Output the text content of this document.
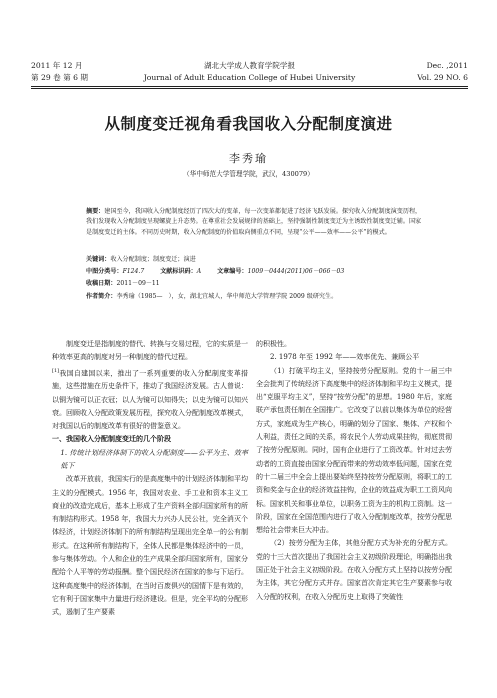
2011 年 12 月	湖北大学成人教育学院学报	Dec. ,2011
第 29 卷 第 6 期	Journal of Adult Education College of Hubei University	Vol. 29 NO. 6
从制度变迁视角看我国收入分配制度演进
李秀瑜
（华中师范大学管理学院，武汉，430079）
摘要：建国至今，我国收入分配制度经历了四次大的变革，每一次变革都促进了经济飞跃发展。探究收入分配制度演变历程，我们发现收入分配制度呈现螺旋上升态势。在尊重社会发展规律的基础上，坚持强制性制度变迁为主诱致性制度变迁辅。国家是制度变迁的主体。不同历史时期，收入分配制度的价值取向侧重点不同，呈现“公平——效率——公平”的模式。
关键词：收入分配制度；制度变迁；演进
中图分类号：F124.7	文献标识码：A	文章编号：1009－0444(2011)06－066－03
收稿日期：2011－09－11
作者简介：李秀瑜（1985—　），女，湖北宜城人，华中师范大学管理学院 2009 级研究生。

制度变迁是指制度的替代、转换与交易过程，它的实质是一种效率更高的制度对另一种制度的替代过程。

[1]我国自建国以来，推出了一系列重要的收入分配制度变革措施，这些措施在历史条件下，推动了我国经济发展。古人曾说：以铜为镜可以正衣冠；以人为镜可以知得失；以史为镜可以知兴衰。回顾收入分配政策发展历程，探究收入分配制度改革模式，对我国以后的制度改革有很好的借鉴意义。

一、我国收入分配制度变迁的几个阶段

1. 传统计划经济体制下的收入分配制度——公平为主、效率低下

改革开放前，我国实行的是高度集中的计划经济体制和平均主义的分配模式。1956 年，我国对农业、手工业和资本主义工商业的改造完成后，基本上形成了生产资料全部归国家所有的所有制结构形式。1958 年，我国大力兴办人民公社，完全消灭个体经济，计划经济体制下的所有制结构呈现出完全单一的公有制形式。在这种所有制结构下，全体人民都是集体经济中的一员，参与集体劳动。个人和企业的生产成果全部归国家所有，国家分配给个人平等的劳动报酬。整个国民经济在国家的参与下运行。这种高度集中的经济体制，在当时百废俱兴的国情下是有效的，它有利于国家集中力量进行经济建设。但是，完全平均的分配形式，遏制了生产要素

的积极性。

2. 1978 年至 1992 年——效率优先、兼顾公平

（1）打破平均主义，坚持按劳分配原则。党的十一届三中全会批判了传统经济下高度集中的经济体制和平均主义模式，提出“克服平均主义”，坚持“按劳分配”的思想。1980 年后，家庭联产承包责任制在全国推广。它改变了以前以集体为单位的经营方式，家庭成为生产核心，明确的划分了国家、集体、产权和个人利益，责任之间的关系，将农民个人劳动成果挂钩，彻底贯彻了按劳分配原则。同时，国有企业进行了工资改革。针对过去劳动者的工资直接由国家分配而带来的劳动效率低问题，国家在党的十二届三中全会上提出要始终坚持按劳分配原则，将职工的工资和奖金与企业的经济效益挂钩，企业的效益成为职工工资风向标。国家机关和事业单位，以职务工资为主的机构工资制。这一阶段，国家在全国范围内进行了收入分配制度改革，按劳分配思想给社会带来巨大冲击。

（2）按劳分配为主体，其他分配方式为补充的分配方式。党的十三大首次提出了我国社会主义初级阶段理论，明确指出我国正处于社会主义初级阶段。在收入分配方式上坚持以按劳分配为主体，其它分配方式并存。国家首次肯定其它生产要素参与收入分配的权利，在收入分配历史上取得了突破性
